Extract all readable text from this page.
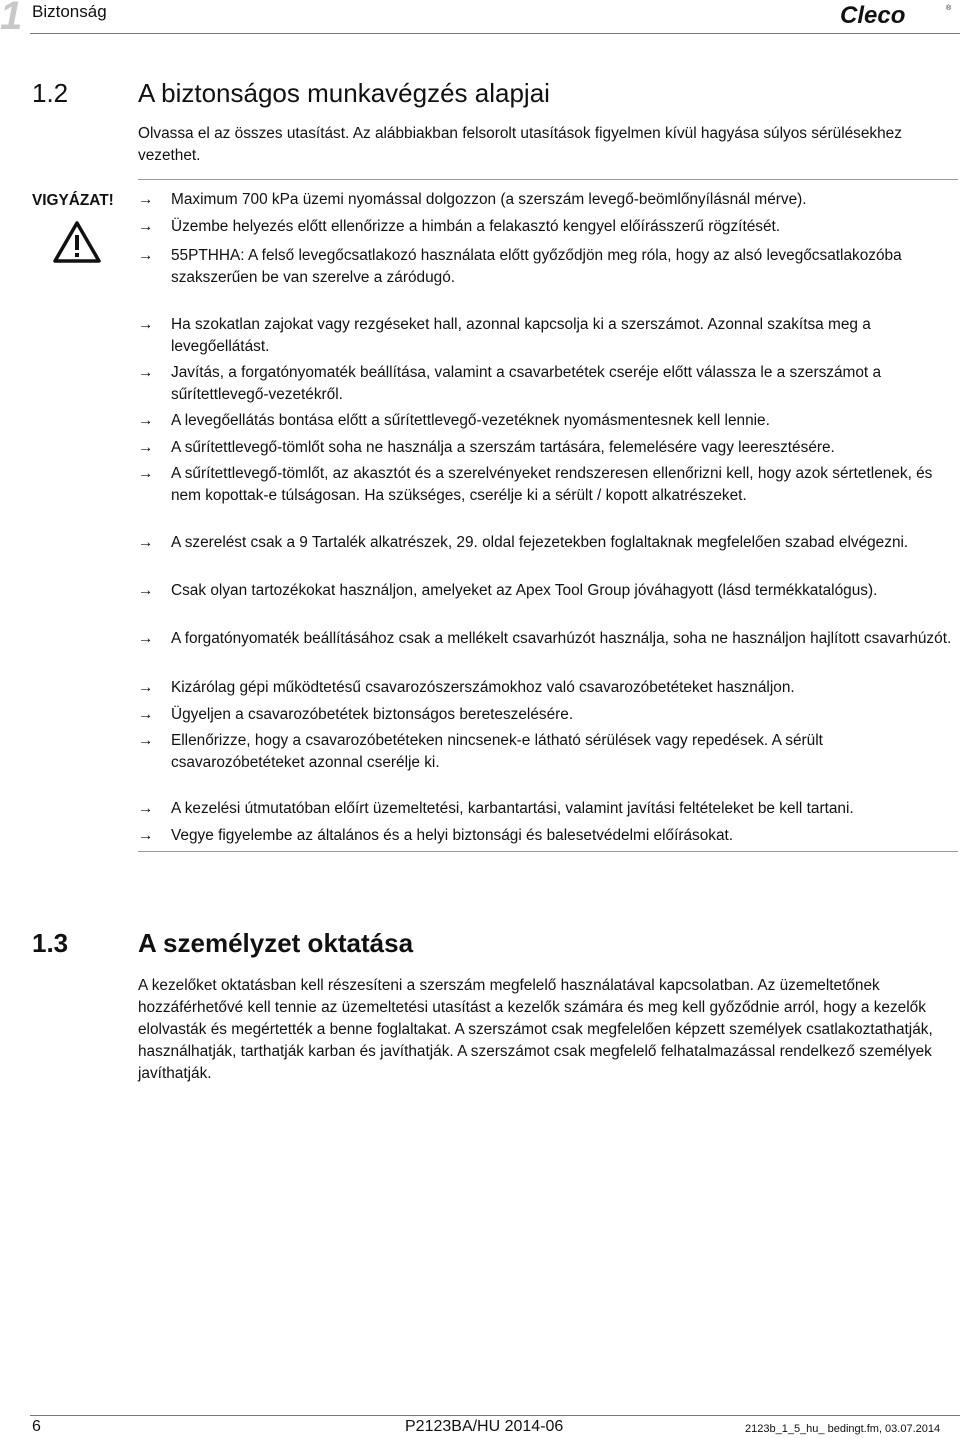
1 Biztonság	Cleco	®
1.2	A biztonságos munkavégzés alapjai
Olvassa el az összes utasítást. Az alábbiakban felsorolt utasítások figyelmen kívül hagyása súlyos sérülésekhez vezethet.
VIGYÁZAT! → Maximum 700 kPa üzemi nyomással dolgozzon (a szerszám levegő-beömlőnyílásnál mérve).
→ Üzembe helyezés előtt ellenőrizze a himbán a felakasztó kengyel előírásszerű rögzítését.
→ 55PTHHA: A felső levegőcsatlakozó használata előtt győződjön meg róla, hogy az alsó levegőcsatlakozóba szakszerűen be van szerelve a záródugó.
→ Ha szokatlan zajokat vagy rezgéseket hall, azonnal kapcsolja ki a szerszámot. Azonnal szakítsa meg a levegőellátást.
→ Javítás, a forgatónyomaték beállítása, valamint a csavarbetétek cseréje előtt válassza le a szerszámot a sűrítettlevegő-vezetékről.
→ A levegőellátás bontása előtt a sűrítettlevegő-vezetéknek nyomásmentesnek kell lennie.
→ A sűrítettlevegő-tömlőt soha ne használja a szerszám tartására, felemelésére vagy leeresztésére.
→ A sűrítettlevegő-tömlőt, az akasztót és a szerelvényeket rendszeresen ellenőrizni kell, hogy azok sértetlenek, és nem kopottak-e túlságosan. Ha szükséges, cserélje ki a sérült / kopott alkatrészeket.
→ A szerelést csak a 9 Tartalék alkatrészek, 29. oldal fejezetekben foglaltaknak megfelelően szabad elvégezni.
→ Csak olyan tartozékokat használjon, amelyeket az Apex Tool Group jóváhagyott (lásd termékkatalógus).
→ A forgatónyomaték beállításához csak a mellékelt csavarhúzót használja, soha ne használjon hajlított csavarhúzót.
→ Kizárólag gépi működtetésű csavarozószerszámokhoz való csavarozóbetéteket használjon.
→ Ügyeljen a csavarozóbetétek biztonságos bereteszelésére.
→ Ellenőrizze, hogy a csavarozóbetéteken nincsenek-e látható sérülések vagy repedések. A sérült csavarozóbetéteket azonnal cserélje ki.
→ A kezelési útmutatóban előírt üzemeltetési, karbantartási, valamint javítási feltételeket be kell tartani.
→ Vegye figyelembe az általános és a helyi biztonsági és balesetvédelmi előírásokat.
1.3	A személyzet oktatása
A kezelőket oktatásban kell részesíteni a szerszám megfelelő használatával kapcsolatban. Az üzemeltetőnek hozzáférhetővé kell tennie az üzemeltetési utasítást a kezelők számára és meg kell győződnie arról, hogy a kezelők elolvasták és megértették a benne foglaltakat. A szerszámot csak megfelelően képzett személyek csatlakoztathatják, használhatják, tarthatják karban és javíthatják. A szerszámot csak megfelelő felhatalmazással rendelkező személyek javíthatják.
6	P2123BA/HU 2014-06	2123b_1_5_hu_ bedingt.fm, 03.07.2014
